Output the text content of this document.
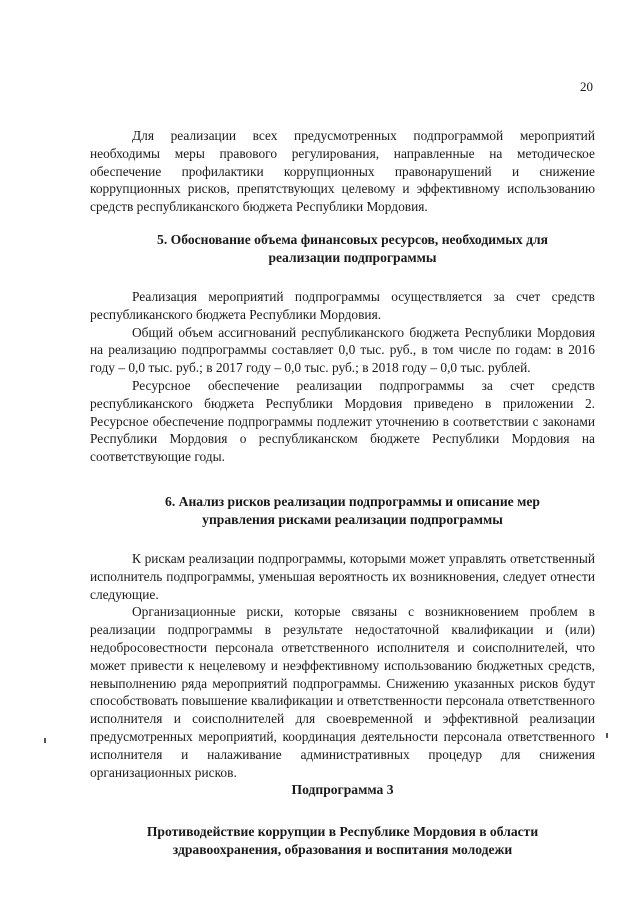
20

Для реализации всех предусмотренных подпрограммой мероприятий необходимы меры правового регулирования, направленные на методическое обеспечение профилактики коррупционных правонарушений и снижение коррупционных рисков, препятствующих целевому и эффективному использованию средств республиканского бюджета Республики Мордовия.

5. Обоснование объема финансовых ресурсов, необходимых для
реализации подпрограммы

Реализация мероприятий подпрограммы осуществляется за счет средств республиканского бюджета Республики Мордовия.

Общий объем ассигнований республиканского бюджета Республики Мордовия на реализацию подпрограммы составляет 0,0 тыс. руб., в том числе по годам: в 2016 году – 0,0 тыс. руб.; в 2017 году – 0,0 тыс. руб.; в 2018 году – 0,0 тыс. рублей.

Ресурсное обеспечение реализации подпрограммы за счет средств республиканского бюджета Республики Мордовия приведено в приложении 2. Ресурсное обеспечение подпрограммы подлежит уточнению в соответствии с законами Республики Мордовия о республиканском бюджете Республики Мордовия на соответствующие годы.

6. Анализ рисков реализации подпрограммы и описание мер
управления рисками реализации подпрограммы

К рискам реализации подпрограммы, которыми может управлять ответственный исполнитель подпрограммы, уменьшая вероятность их возникновения, следует отнести следующие.

Организационные риски, которые связаны с возникновением проблем в реализации подпрограммы в результате недостаточной квалификации и (или) недобросовестности персонала ответственного исполнителя и соисполнителей, что может привести к нецелевому и неэффективному использованию бюджетных средств, невыполнению ряда мероприятий подпрограммы. Снижению указанных рисков будут способствовать повышение квалификации и ответственности персонала ответственного исполнителя и соисполнителей для своевременной и эффективной реализации предусмотренных мероприятий, координация деятельности персонала ответственного исполнителя и налаживание административных процедур для снижения организационных рисков.

Подпрограмма 3
Противодействие коррупции в Республике Мордовия в области
здравоохранения, образования и воспитания молодежи
